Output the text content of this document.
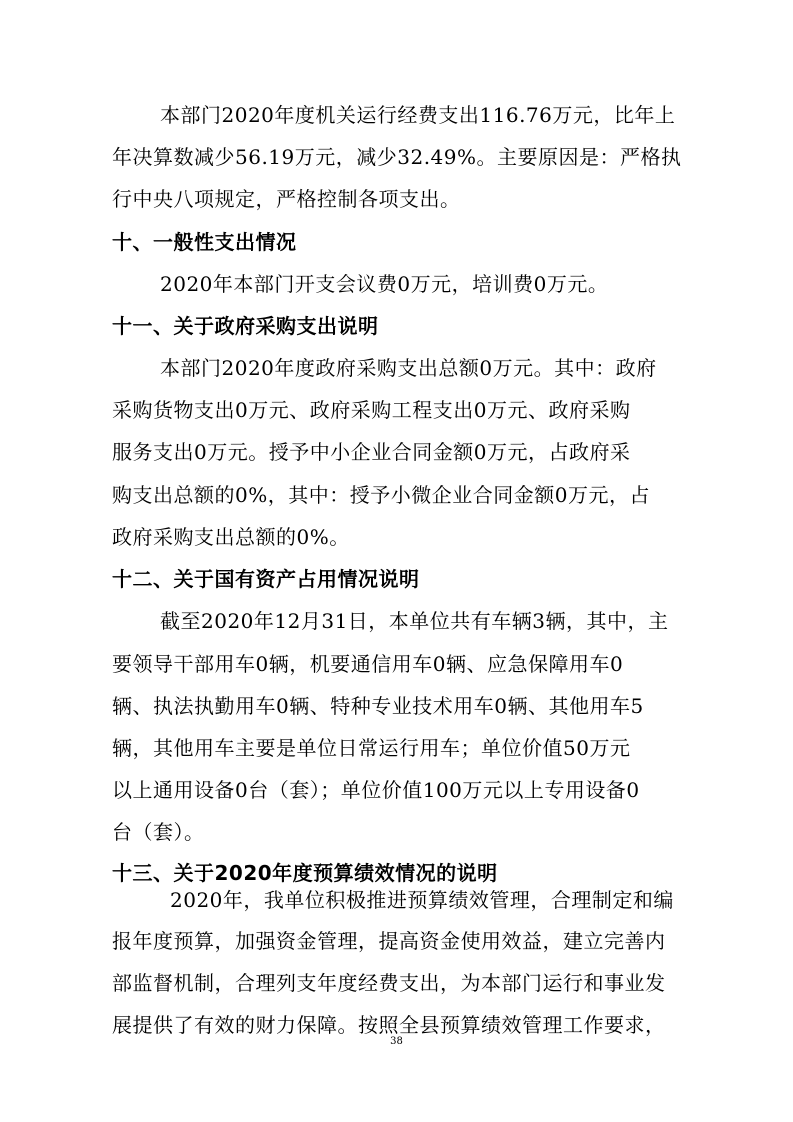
本部门2020年度机关运行经费支出116.76万元，比年上
年决算数减少56.19万元，减少32.49%。主要原因是：严格执
行中央八项规定，严格控制各项支出。
十、一般性支出情况
2020年本部门开支会议费0万元，培训费0万元。
十一、关于政府采购支出说明
本部门2020年度政府采购支出总额0万元。其中：政府
采购货物支出0万元、政府采购工程支出0万元、政府采购
服务支出0万元。授予中小企业合同金额0万元，占政府采
购支出总额的0%，其中：授予小微企业合同金额0万元，占
政府采购支出总额的0%。
十二、关于国有资产占用情况说明
截至2020年12月31日，本单位共有车辆3辆，其中，主
要领导干部用车0辆，机要通信用车0辆、应急保障用车0
辆、执法执勤用车0辆、特种专业技术用车0辆、其他用车5
辆，其他用车主要是单位日常运行用车；单位价值50万元
以上通用设备0台（套）；单位价值100万元以上专用设备0
台（套）。
十三、关于2020年度预算绩效情况的说明
2020年，我单位积极推进预算绩效管理，合理制定和编
报年度预算，加强资金管理，提高资金使用效益，建立完善内
部监督机制，合理列支年度经费支出，为本部门运行和事业发
展提供了有效的财力保障。按照全县预算绩效管理工作要求，
38
